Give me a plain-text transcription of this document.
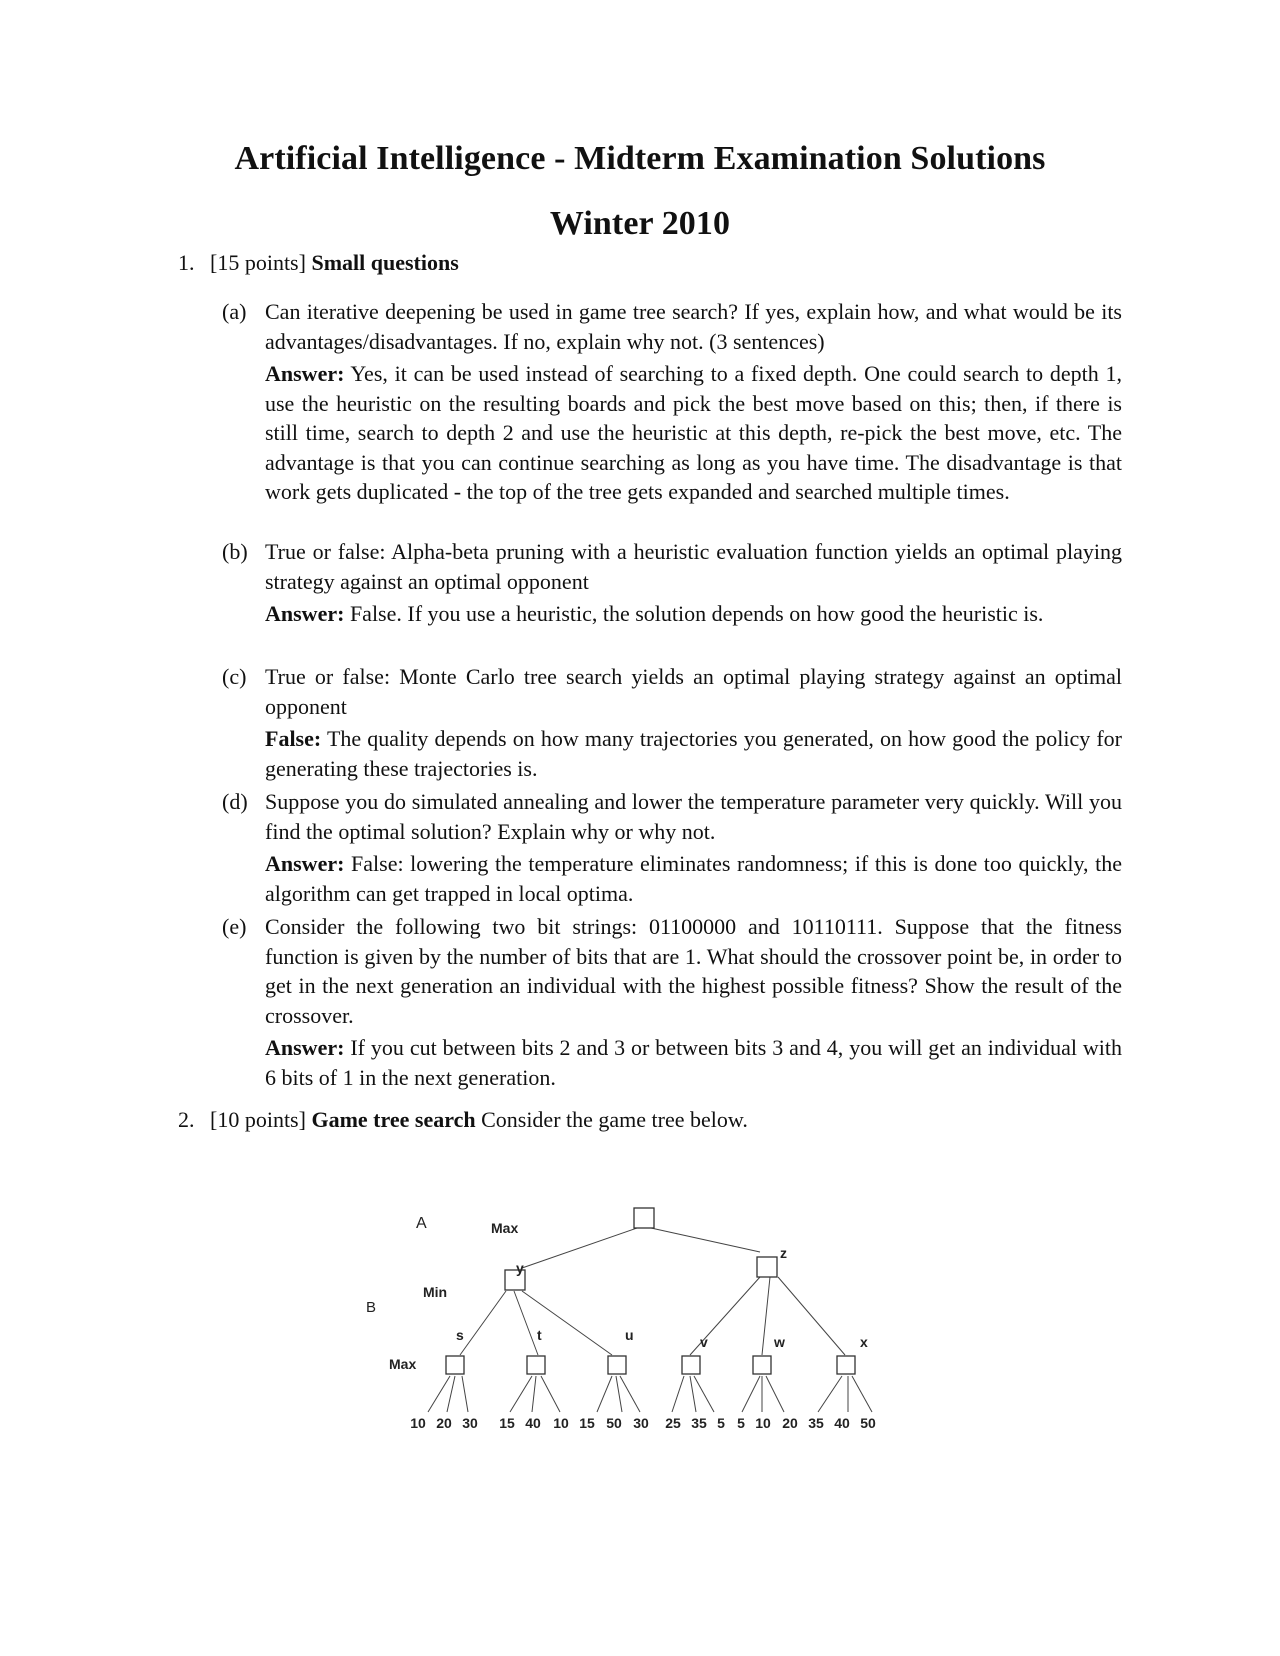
Artificial Intelligence - Midterm Examination Solutions
Winter 2010
1. [15 points] Small questions
(a) Can iterative deepening be used in game tree search? If yes, explain how, and what would be its advantages/disadvantages. If no, explain why not. (3 sentences)
Answer: Yes, it can be used instead of searching to a fixed depth. One could search to depth 1, use the heuristic on the resulting boards and pick the best move based on this; then, if there is still time, search to depth 2 and use the heuristic at this depth, re-pick the best move, etc. The advantage is that you can continue searching as long as you have time. The disadvantage is that work gets duplicated - the top of the tree gets expanded and searched multiple times.
(b) True or false: Alpha-beta pruning with a heuristic evaluation function yields an optimal playing strategy against an optimal opponent
Answer: False. If you use a heuristic, the solution depends on how good the heuristic is.
(c) True or false: Monte Carlo tree search yields an optimal playing strategy against an optimal opponent
False: The quality depends on how many trajectories you generated, on how good the policy for generating these trajectories is.
(d) Suppose you do simulated annealing and lower the temperature parameter very quickly. Will you find the optimal solution? Explain why or why not.
Answer: False: lowering the temperature eliminates randomness; if this is done too quickly, the algorithm can get trapped in local optima.
(e) Consider the following two bit strings: 01100000 and 10110111. Suppose that the fitness function is given by the number of bits that are 1. What should the crossover point be, in order to get in the next generation an individual with the highest possible fitness? Show the result of the crossover.
Answer: If you cut between bits 2 and 3 or between bits 3 and 4, you will get an individual with 6 bits of 1 in the next generation.
2. [10 points] Game tree search Consider the game tree below.
A
B
Max
Min
Max
y
z
s	t	u	v	w	x
10 20 30 15 40 10 15 50 30 25 35 5 5 10 20 35 40 50
